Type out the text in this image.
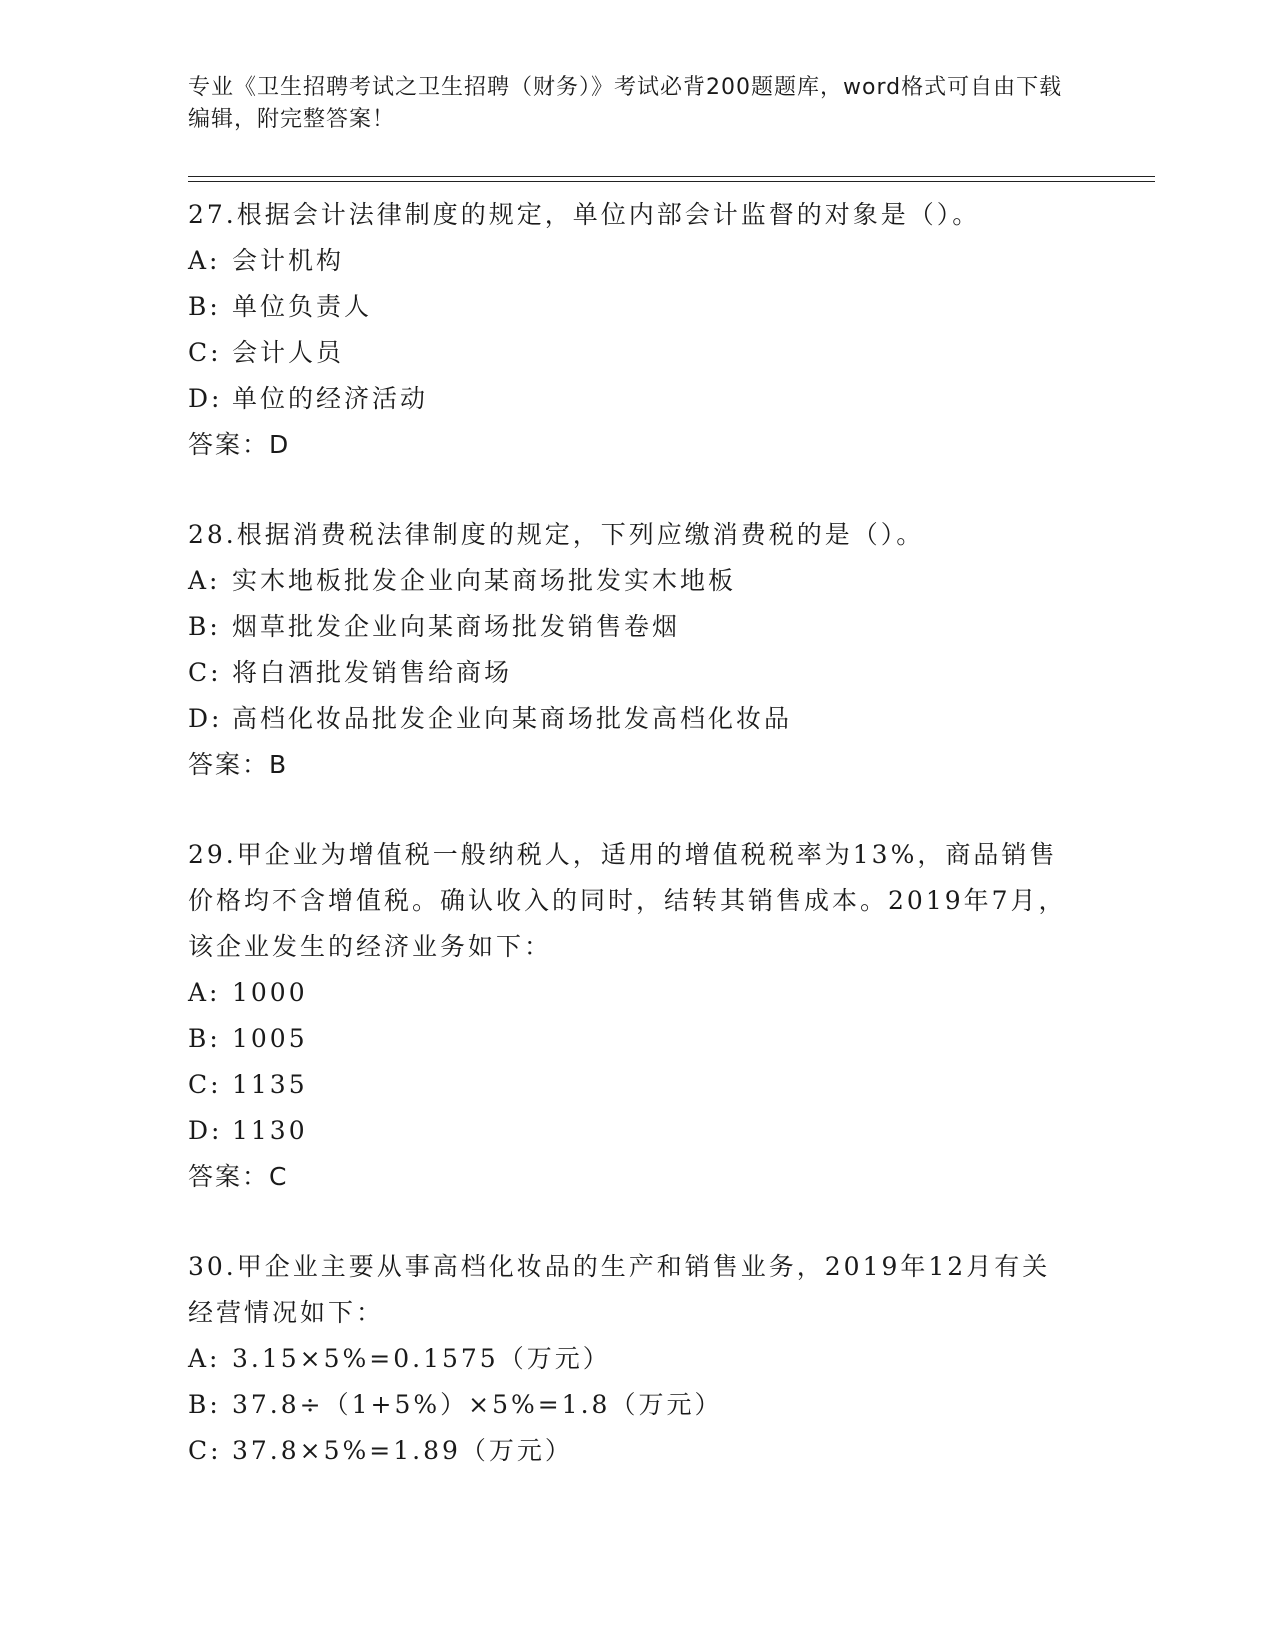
专业《卫生招聘考试之卫生招聘（财务）》考试必背200题题库，word格式可自由下载编辑，附完整答案！
27.根据会计法律制度的规定，单位内部会计监督的对象是（）。
A: 会计机构
B: 单位负责人
C: 会计人员
D: 单位的经济活动
答案：D
28.根据消费税法律制度的规定，下列应缴消费税的是（）。
A: 实木地板批发企业向某商场批发实木地板
B: 烟草批发企业向某商场批发销售卷烟
C: 将白酒批发销售给商场
D: 高档化妆品批发企业向某商场批发高档化妆品
答案：B
29.甲企业为增值税一般纳税人，适用的增值税税率为13%，商品销售价格均不含增值税。确认收入的同时，结转其销售成本。2019年7月，该企业发生的经济业务如下：
A: 1000
B: 1005
C: 1135
D: 1130
答案：C
30.甲企业主要从事高档化妆品的生产和销售业务，2019年12月有关经营情况如下：
A: 3.15×5%=0.1575（万元）
B: 37.8÷（1+5%）×5%=1.8（万元）
C: 37.8×5%=1.89（万元）
